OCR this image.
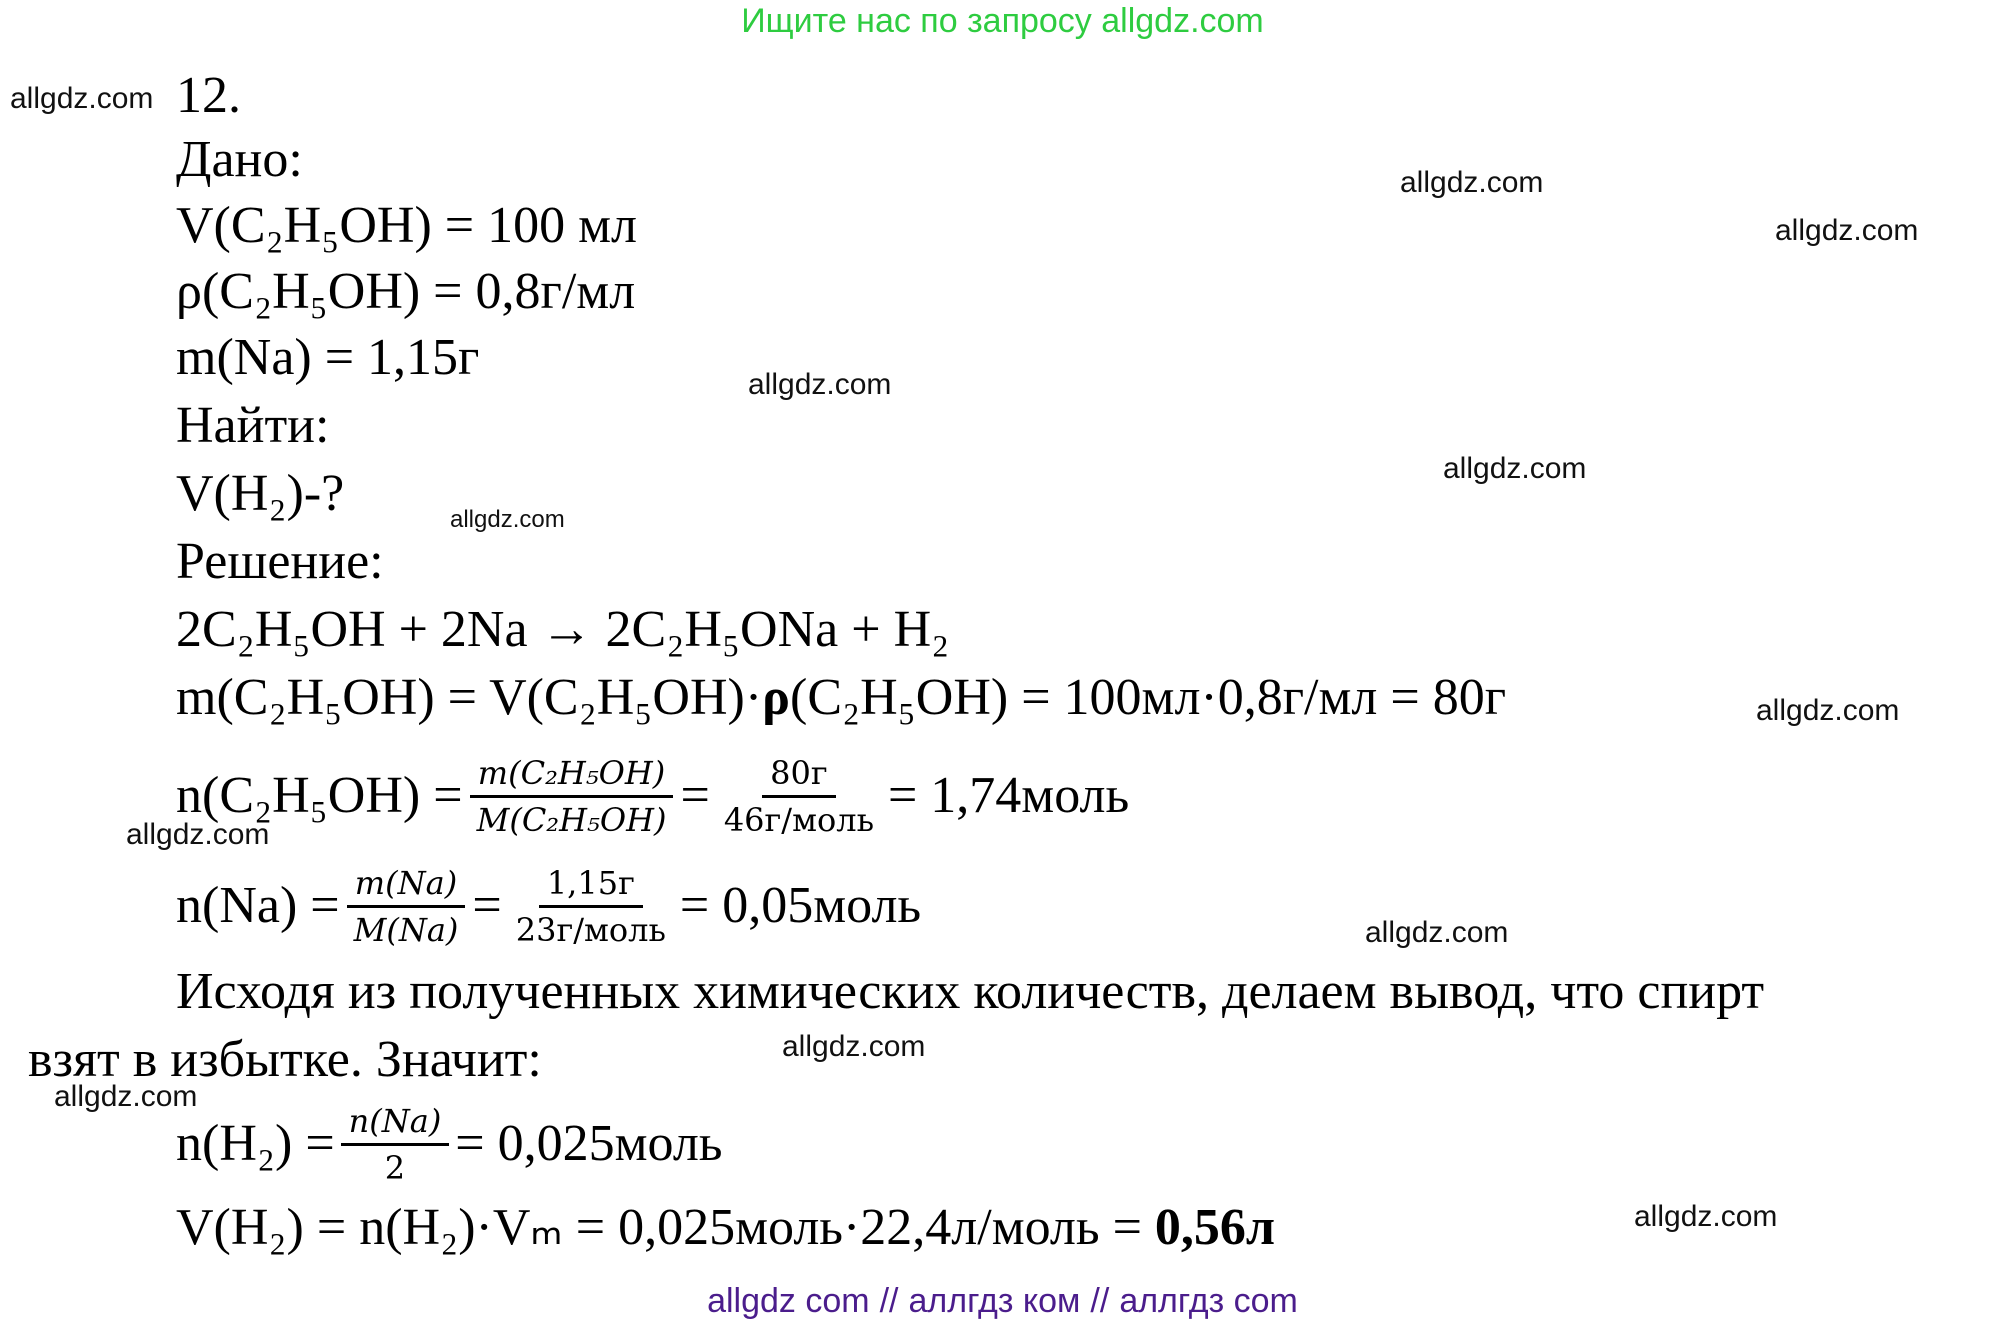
Ищите нас по запросу allgdz.com
allgdz.com
allgdz.com
allgdz.com
allgdz.com
allgdz.com
allgdz.com
allgdz.com
allgdz.com
allgdz.com
allgdz.com
allgdz.com
allgdz.com
12.
Дано:
V(C₂H₅OH) = 100 мл
ρ(C₂H₅OH) = 0,8г/мл
m(Na) = 1,15г
Найти:
V(H₂)-?
Решение:
2C₂H₅OH + 2Na → 2C₂H₅ONa + H₂
m(C₂H₅OH) = V(C₂H₅OH)·ρ(C₂H₅OH) = 100мл·0,8г/мл = 80г
$n(C_2H_5OH) = \frac{\text{m(C₂H₅OH)}}{\text{M(C₂H₅OH)}} = \frac{80г}{\text{46г/моль}}$ = 1,74моль
$n(Na) = \frac{m(Na)}{M(Na)} = \frac{1,15г}{\text{23г/моль}}$ = 0,05моль
Исходя из полученных химических количеств, делаем вывод, что спирт
взят в избытке. Значит:
$n(H_2) = \frac{n(Na)}{2}$ = 0,025моль
V(H₂) = n(H₂)·Vₘ = 0,025моль·22,4л/моль = 0,56л
allgdz com // аллгдз ком // аллгдз com
